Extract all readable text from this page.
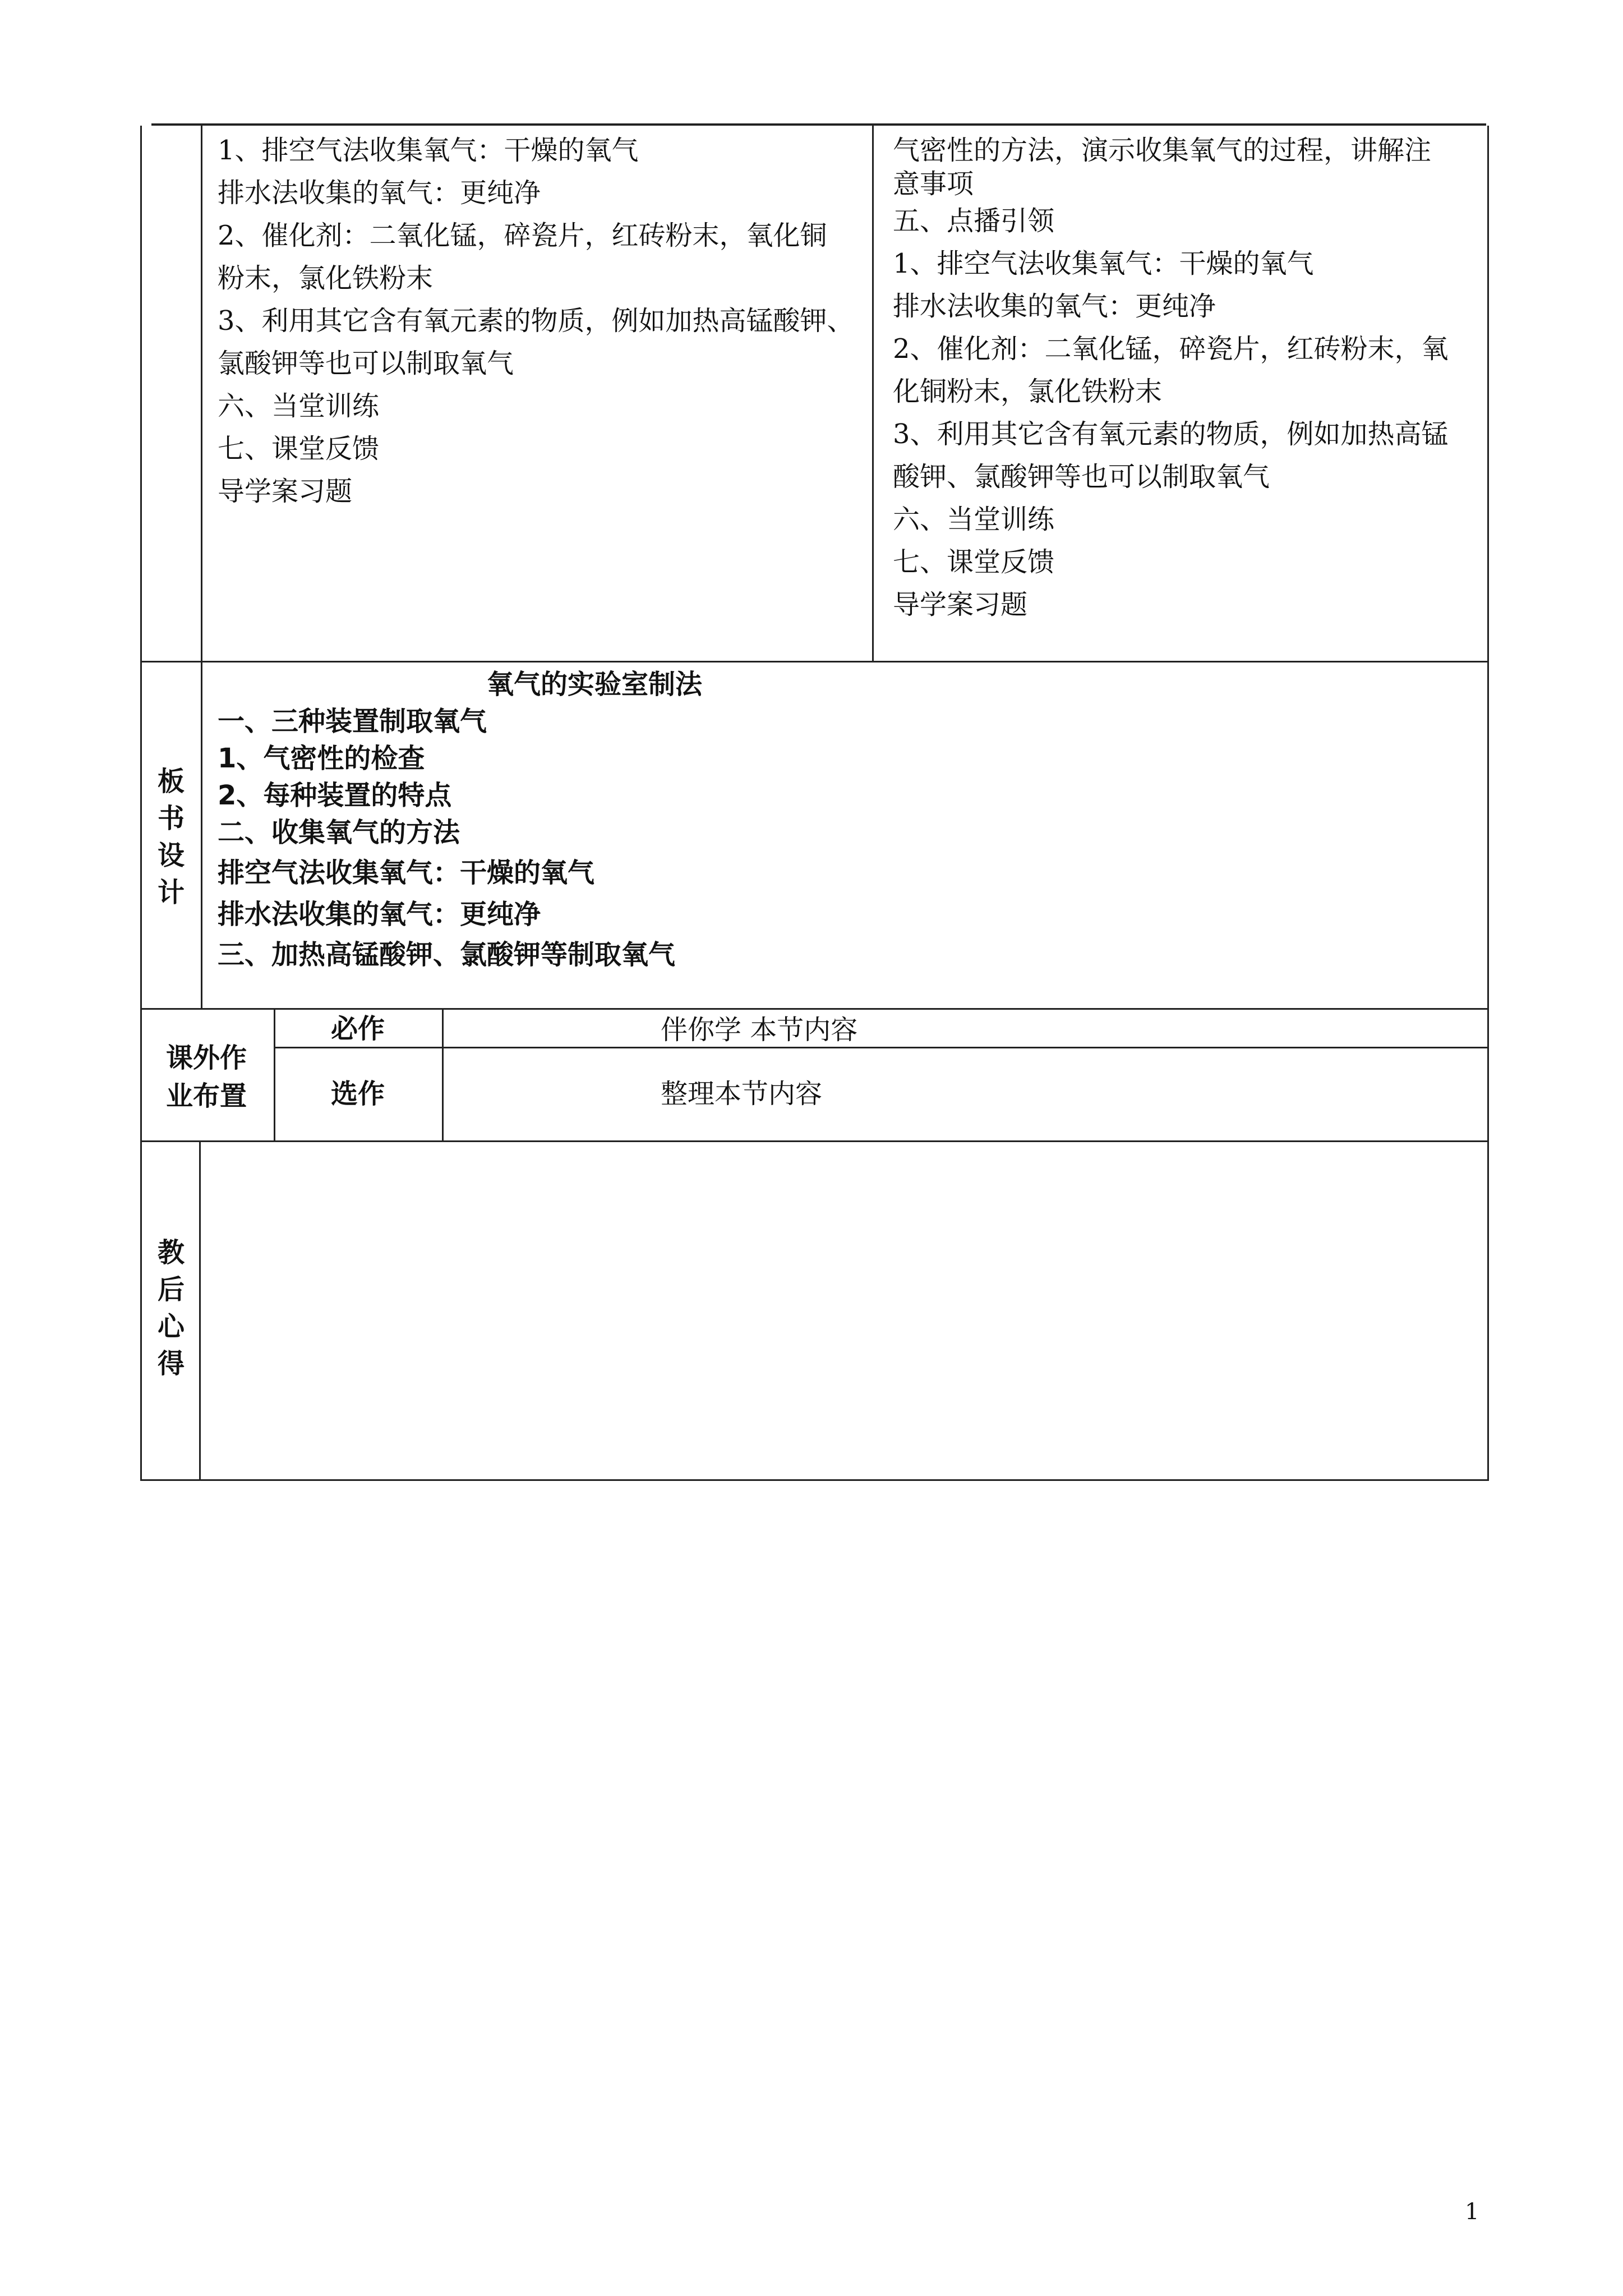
1、排空气法收集氧气：干燥的氧气
排水法收集的氧气：更纯净
2、催化剂：二氧化锰，碎瓷片，红砖粉末，氧化铜
粉末，氯化铁粉末
3、利用其它含有氧元素的物质，例如加热高锰酸钾、
氯酸钾等也可以制取氧气
六、当堂训练
七、课堂反馈
导学案习题
气密性的方法，演示收集氧气的过程，讲解注
意事项
五、点播引领
1、排空气法收集氧气：干燥的氧气
排水法收集的氧气：更纯净
2、催化剂：二氧化锰，碎瓷片，红砖粉末，氧
化铜粉末，氯化铁粉末
3、利用其它含有氧元素的物质，例如加热高锰
酸钾、氯酸钾等也可以制取氧气
六、当堂训练
七、课堂反馈
导学案习题
板
书
设
计
氧气的实验室制法
一、三种装置制取氧气
1、气密性的检查
2、每种装置的特点
二、收集氧气的方法
排空气法收集氧气：干燥的氧气
排水法收集的氧气：更纯净
三、加热高锰酸钾、氯酸钾等制取氧气
课外作
业布置
必作	伴你学 本节内容
选作	整理本节内容
教
后
心
得
1
